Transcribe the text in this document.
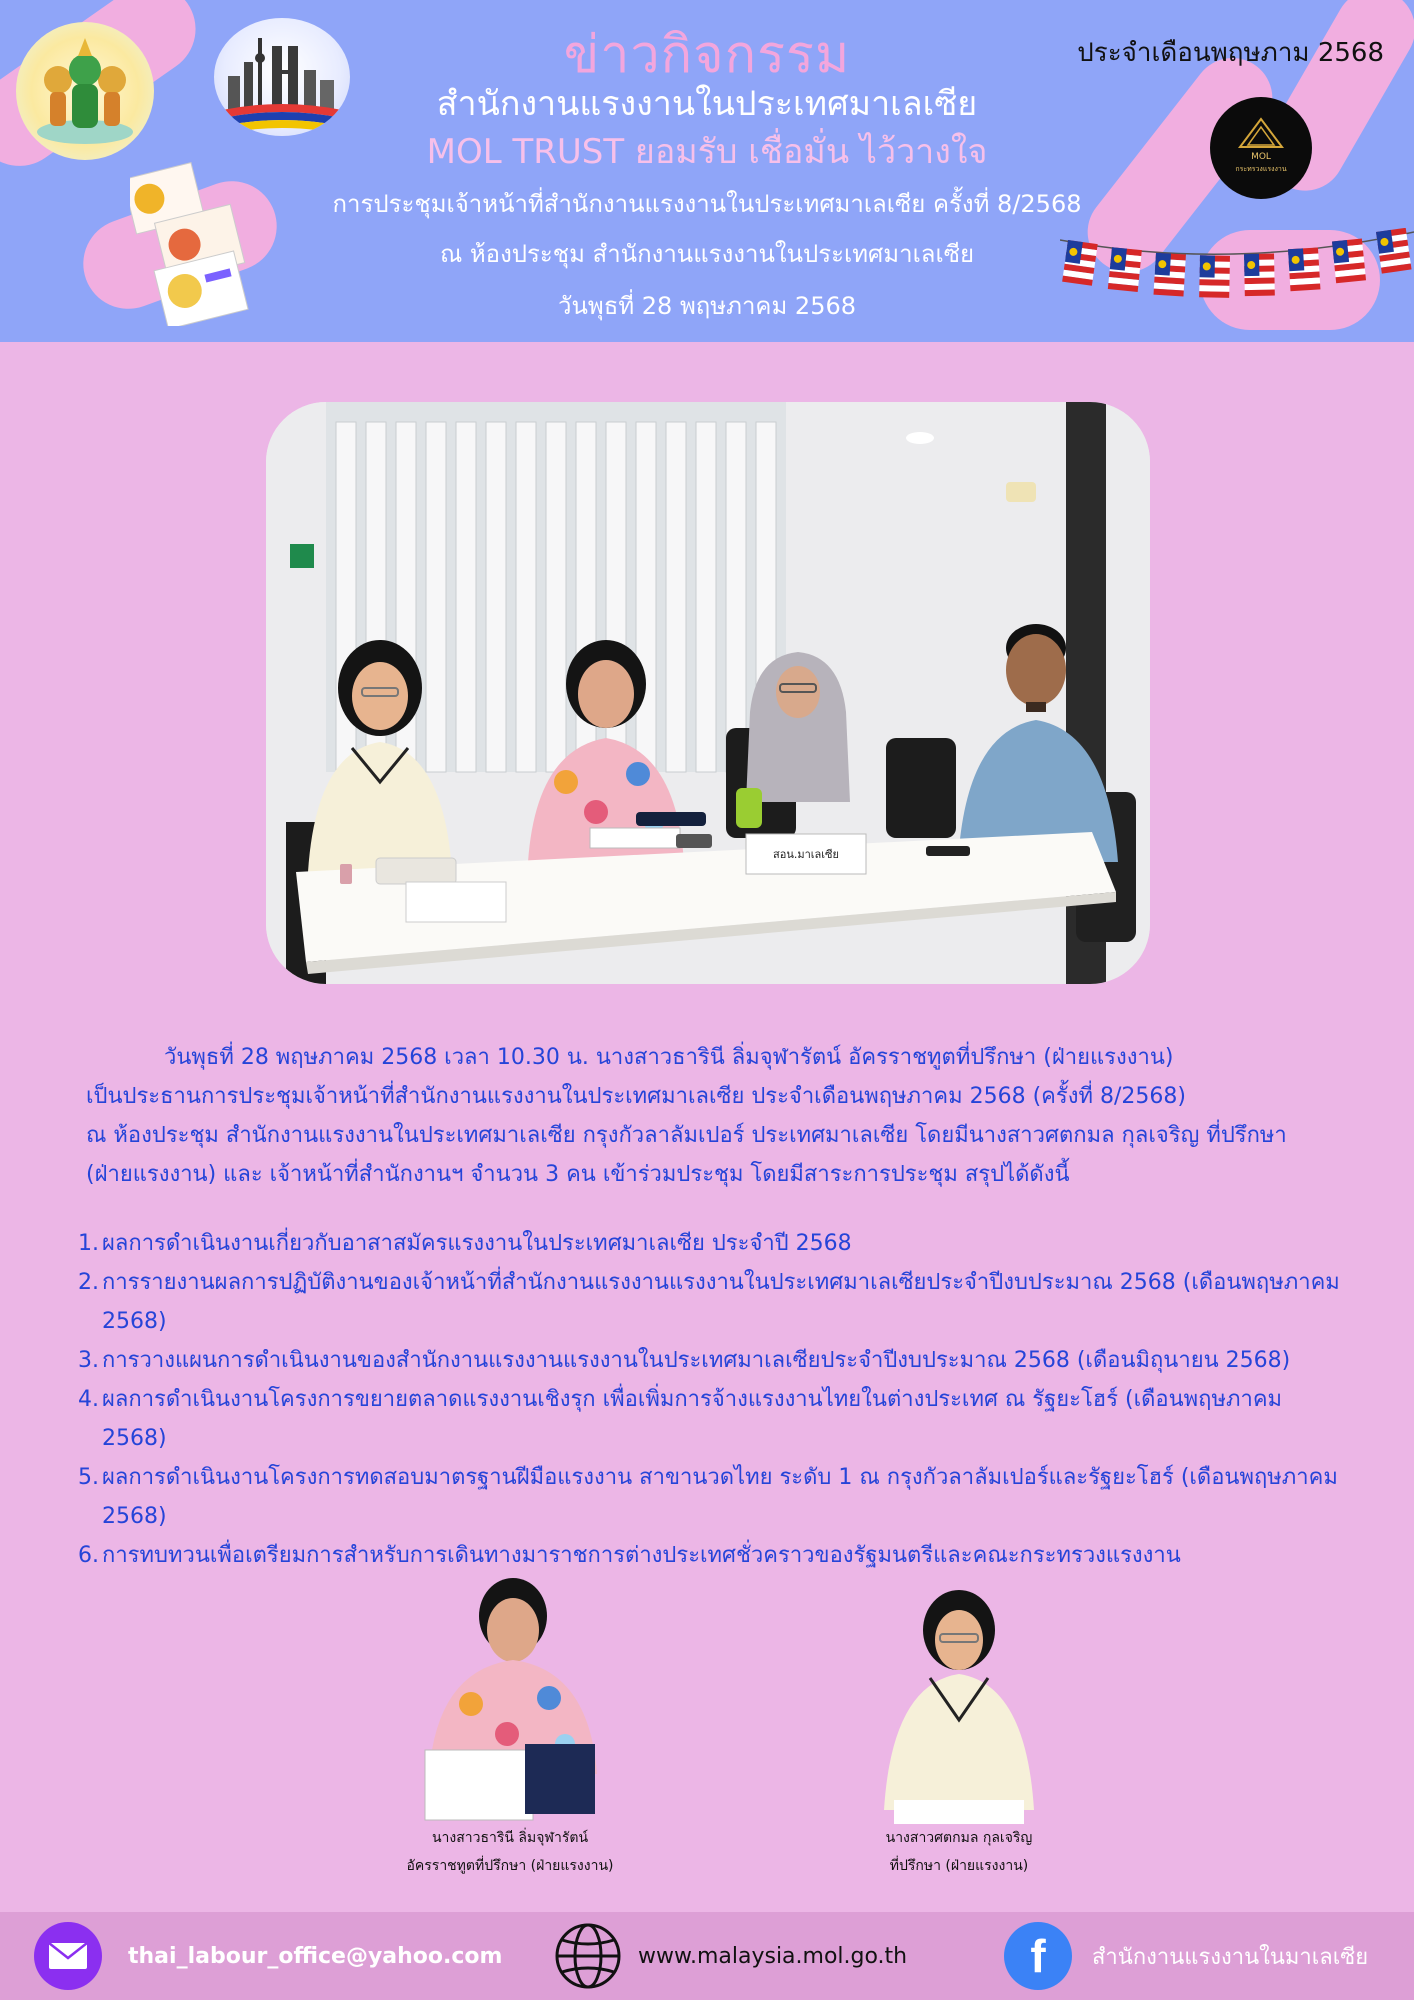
ข่าวกิจกรรม
สำนักงานแรงงานในประเทศมาเลเซีย
MOL TRUST ยอมรับ เชื่อมั่น ไว้วางใจ
การประชุมเจ้าหน้าที่สำนักงานแรงงานในประเทศมาเลเซีย ครั้งที่ 8/2568
ณ ห้องประชุม สำนักงานแรงงานในประเทศมาเลเซีย
วันพุธที่ 28 พฤษภาคม 2568
ประจำเดือนพฤษภาม 2568
MOL
กระทรวงแรงงาน
สอน.มาเลเซีย

วันพุธที่ 28 พฤษภาคม 2568 เวลา 10.30 น. นางสาวธารินี ลิ่มจุฬารัตน์ อัครราชทูตที่ปรึกษา (ฝ่ายแรงงาน)

เป็นประธานการประชุมเจ้าหน้าที่สำนักงานแรงงานในประเทศมาเลเซีย ประจำเดือนพฤษภาคม 2568 (ครั้งที่ 8/2568)

ณ ห้องประชุม สำนักงานแรงงานในประเทศมาเลเซีย กรุงกัวลาลัมเปอร์ ประเทศมาเลเซีย โดยมีนางสาวศตกมล กุลเจริญ ที่ปรึกษา

(ฝ่ายแรงงาน) และ เจ้าหน้าที่สำนักงานฯ จำนวน 3 คน เข้าร่วมประชุม โดยมีสาระการประชุม สรุปได้ดังนี้

1. ผลการดำเนินงานเกี่ยวกับอาสาสมัครแรงงานในประเทศมาเลเซีย ประจำปี 2568
2. การรายงานผลการปฏิบัติงานของเจ้าหน้าที่สำนักงานแรงงานแรงงานในประเทศมาเลเซียประจำปีงบประมาณ 2568 (เดือนพฤษภาคม 2568)
3. การวางแผนการดำเนินงานของสำนักงานแรงงานแรงงานในประเทศมาเลเซียประจำปีงบประมาณ 2568 (เดือนมิถุนายน 2568)
4. ผลการดำเนินงานโครงการขยายตลาดแรงงานเชิงรุก เพื่อเพิ่มการจ้างแรงงานไทยในต่างประเทศ ณ รัฐยะโฮร์ (เดือนพฤษภาคม 2568)
5. ผลการดำเนินงานโครงการทดสอบมาตรฐานฝีมือแรงงาน สาขานวดไทย ระดับ 1 ณ กรุงกัวลาลัมเปอร์และรัฐยะโฮร์ (เดือนพฤษภาคม 2568)
6. การทบทวนเพื่อเตรียมการสำหรับการเดินทางมาราชการต่างประเทศชั่วคราวของรัฐมนตรีและคณะกระทรวงแรงงาน
นางสาวธารินี ลิ่มจุฬารัตน์
อัครราชทูตที่ปรึกษา (ฝ่ายแรงงาน)
นางสาวศตกมล กุลเจริญ
ที่ปรึกษา (ฝ่ายแรงงาน)
thai_labour_office@yahoo.com	www.malaysia.mol.go.th	f สำนักงานแรงงานในมาเลเซีย
